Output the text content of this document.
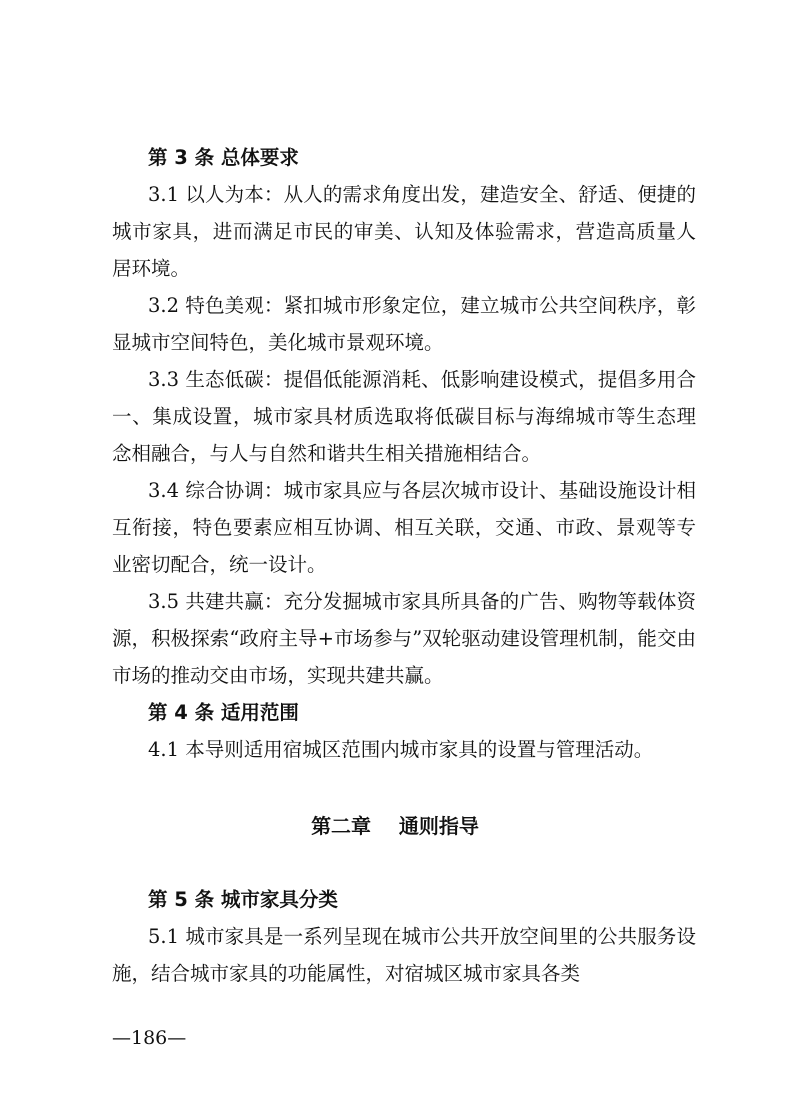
第 3 条 总体要求

3.1 以人为本：从人的需求角度出发，建造安全、舒适、便捷的城市家具，进而满足市民的审美、认知及体验需求，营造高质量人居环境。

3.2 特色美观：紧扣城市形象定位，建立城市公共空间秩序，彰显城市空间特色，美化城市景观环境。

3.3 生态低碳：提倡低能源消耗、低影响建设模式，提倡多用合一、集成设置，城市家具材质选取将低碳目标与海绵城市等生态理念相融合，与人与自然和谐共生相关措施相结合。

3.4 综合协调：城市家具应与各层次城市设计、基础设施设计相互衔接，特色要素应相互协调、相互关联，交通、市政、景观等专业密切配合，统一设计。

3.5 共建共赢：充分发掘城市家具所具备的广告、购物等载体资源，积极探索“政府主导+市场参与”双轮驱动建设管理机制，能交由市场的推动交由市场，实现共建共赢。

第 4 条 适用范围

4.1 本导则适用宿城区范围内城市家具的设置与管理活动。

第二章    通则指导

第 5 条 城市家具分类

5.1 城市家具是一系列呈现在城市公共开放空间里的公共服务设施，结合城市家具的功能属性，对宿城区城市家具各类

—186—
